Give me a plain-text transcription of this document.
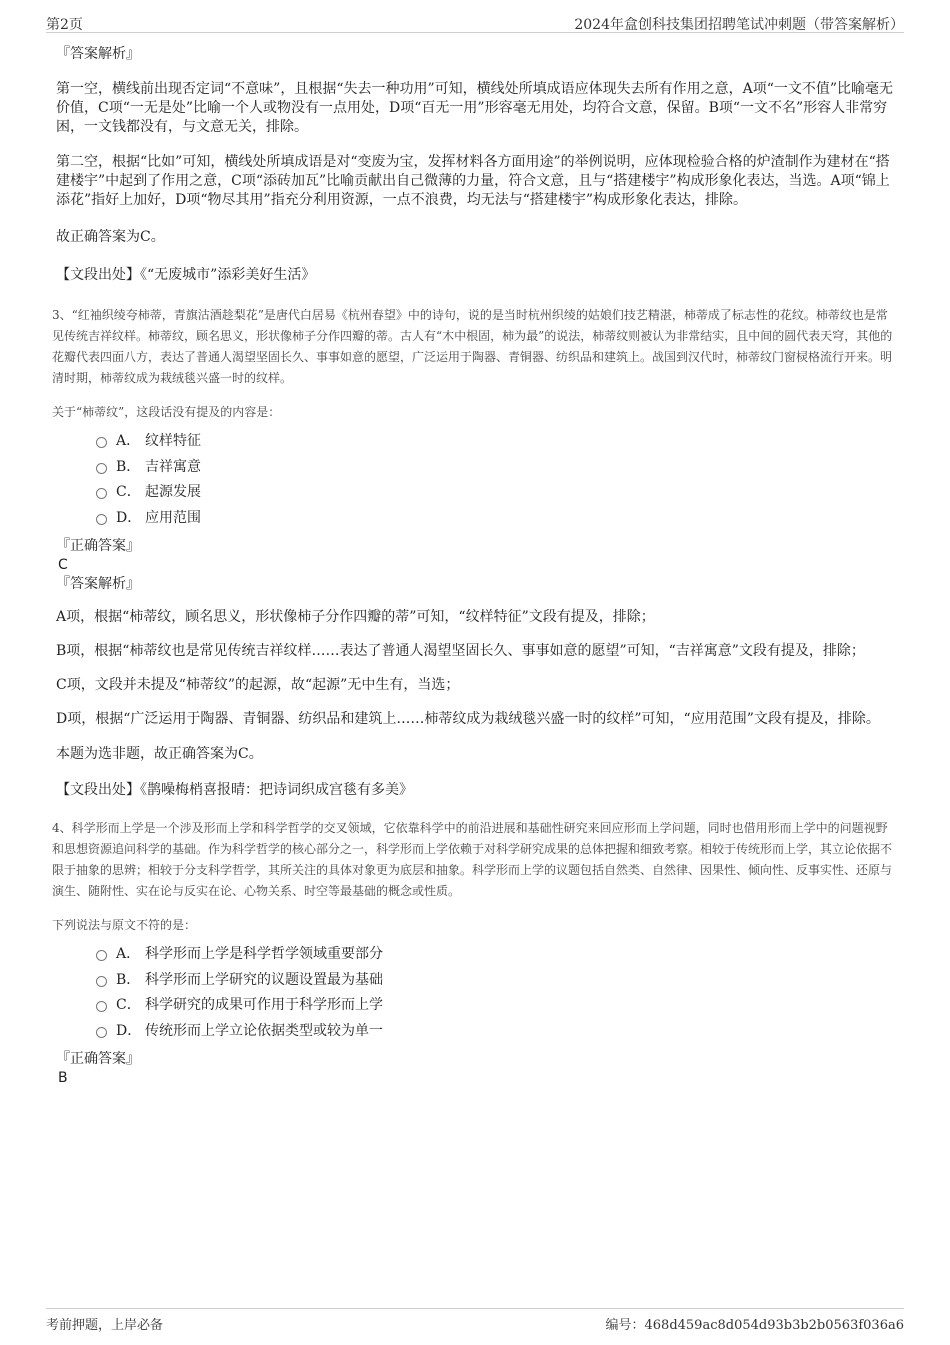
第2页	2024年盒创科技集团招聘笔试冲刺题（带答案解析）

『答案解析』

第一空，横线前出现否定词“不意味”，且根据“失去一种功用”可知，横线处所填成语应体现失去所有作用之意，A项“一文不值”比喻毫无价值，C项“一无是处”比喻一个人或物没有一点用处，D项“百无一用”形容毫无用处，均符合文意，保留。B项“一文不名”形容人非常穷困，一文钱都没有，与文意无关，排除。

第二空，根据“比如”可知，横线处所填成语是对“变废为宝，发挥材料各方面用途”的举例说明，应体现检验合格的炉渣制作为建材在“搭建楼宇”中起到了作用之意，C项“添砖加瓦”比喻贡献出自己微薄的力量，符合文意，且与“搭建楼宇”构成形象化表达，当选。A项“锦上添花”指好上加好，D项“物尽其用”指充分利用资源，一点不浪费，均无法与“搭建楼宇”构成形象化表达，排除。

故正确答案为C。

【文段出处】《“无废城市”添彩美好生活》

3、“红袖织绫夸柿蒂，青旗沽酒趁梨花”是唐代白居易《杭州春望》中的诗句，说的是当时杭州织绫的姑娘们技艺精湛，柿蒂成了标志性的花纹。柿蒂纹也是常见传统吉祥纹样。柿蒂纹，顾名思义，形状像柿子分作四瓣的蒂。古人有“木中根固，柿为最”的说法，柿蒂纹则被认为非常结实，且中间的圆代表天穹，其他的花瓣代表四面八方，表达了普通人渴望坚固长久、事事如意的愿望，广泛运用于陶器、青铜器、纺织品和建筑上。战国到汉代时，柿蒂纹门窗棂格流行开来。明清时期，柿蒂纹成为栽绒毯兴盛一时的纹样。

关于“柿蒂纹”，这段话没有提及的内容是：

A． 纹样特征
B． 吉祥寓意
C． 起源发展
D． 应用范围

『正确答案』

C

『答案解析』

A项，根据“柿蒂纹，顾名思义，形状像柿子分作四瓣的蒂”可知，“纹样特征”文段有提及，排除；

B项，根据“柿蒂纹也是常见传统吉祥纹样……表达了普通人渴望坚固长久、事事如意的愿望”可知，“吉祥寓意”文段有提及，排除；

C项，文段并未提及“柿蒂纹”的起源，故“起源”无中生有，当选；

D项，根据“广泛运用于陶器、青铜器、纺织品和建筑上……柿蒂纹成为栽绒毯兴盛一时的纹样”可知，“应用范围”文段有提及，排除。

本题为选非题，故正确答案为C。

【文段出处】《鹊噪梅梢喜报晴：把诗词织成宫毯有多美》

4、科学形而上学是一个涉及形而上学和科学哲学的交叉领域，它依靠科学中的前沿进展和基础性研究来回应形而上学问题，同时也借用形而上学中的问题视野和思想资源追问科学的基础。作为科学哲学的核心部分之一，科学形而上学依赖于对科学研究成果的总体把握和细致考察。相较于传统形而上学，其立论依据不限于抽象的思辨；相较于分支科学哲学，其所关注的具体对象更为底层和抽象。科学形而上学的议题包括自然类、自然律、因果性、倾向性、反事实性、还原与演生、随附性、实在论与反实在论、心物关系、时空等最基础的概念或性质。

下列说法与原文不符的是：

A． 科学形而上学是科学哲学领域重要部分
B． 科学形而上学研究的议题设置最为基础
C． 科学研究的成果可作用于科学形而上学
D． 传统形而上学立论依据类型或较为单一

『正确答案』

B

考前押题，上岸必备	编号：468d459ac8d054d93b3b2b0563f036a6
